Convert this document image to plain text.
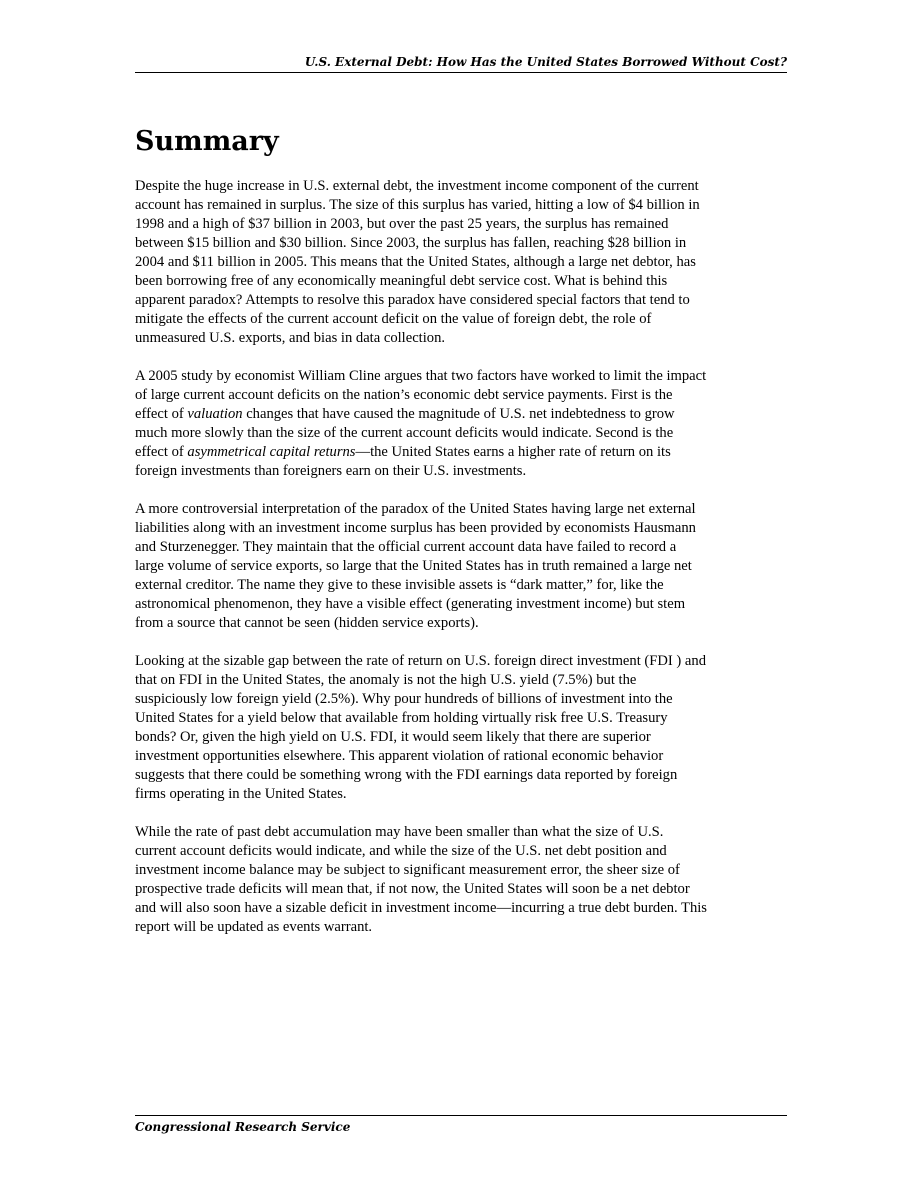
U.S. External Debt: How Has the United States Borrowed Without Cost?
Summary

Despite the huge increase in U.S. external debt, the investment income component of the current
account has remained in surplus. The size of this surplus has varied, hitting a low of $4 billion in
1998 and a high of $37 billion in 2003, but over the past 25 years, the surplus has remained
between $15 billion and $30 billion. Since 2003, the surplus has fallen, reaching $28 billion in
2004 and $11 billion in 2005. This means that the United States, although a large net debtor, has
been borrowing free of any economically meaningful debt service cost. What is behind this
apparent paradox? Attempts to resolve this paradox have considered special factors that tend to
mitigate the effects of the current account deficit on the value of foreign debt, the role of
unmeasured U.S. exports, and bias in data collection.

A 2005 study by economist William Cline argues that two factors have worked to limit the impact
of large current account deficits on the nation’s economic debt service payments. First is the
effect of valuation changes that have caused the magnitude of U.S. net indebtedness to grow
much more slowly than the size of the current account deficits would indicate. Second is the
effect of asymmetrical capital returns—the United States earns a higher rate of return on its
foreign investments than foreigners earn on their U.S. investments.

A more controversial interpretation of the paradox of the United States having large net external
liabilities along with an investment income surplus has been provided by economists Hausmann
and Sturzenegger. They maintain that the official current account data have failed to record a
large volume of service exports, so large that the United States has in truth remained a large net
external creditor. The name they give to these invisible assets is “dark matter,” for, like the
astronomical phenomenon, they have a visible effect (generating investment income) but stem
from a source that cannot be seen (hidden service exports).

Looking at the sizable gap between the rate of return on U.S. foreign direct investment (FDI ) and
that on FDI in the United States, the anomaly is not the high U.S. yield (7.5%) but the
suspiciously low foreign yield (2.5%). Why pour hundreds of billions of investment into the
United States for a yield below that available from holding virtually risk free U.S. Treasury
bonds? Or, given the high yield on U.S. FDI, it would seem likely that there are superior
investment opportunities elsewhere. This apparent violation of rational economic behavior
suggests that there could be something wrong with the FDI earnings data reported by foreign
firms operating in the United States.

While the rate of past debt accumulation may have been smaller than what the size of U.S.
current account deficits would indicate, and while the size of the U.S. net debt position and
investment income balance may be subject to significant measurement error, the sheer size of
prospective trade deficits will mean that, if not now, the United States will soon be a net debtor
and will also soon have a sizable deficit in investment income—incurring a true debt burden. This
report will be updated as events warrant.

Congressional Research Service
